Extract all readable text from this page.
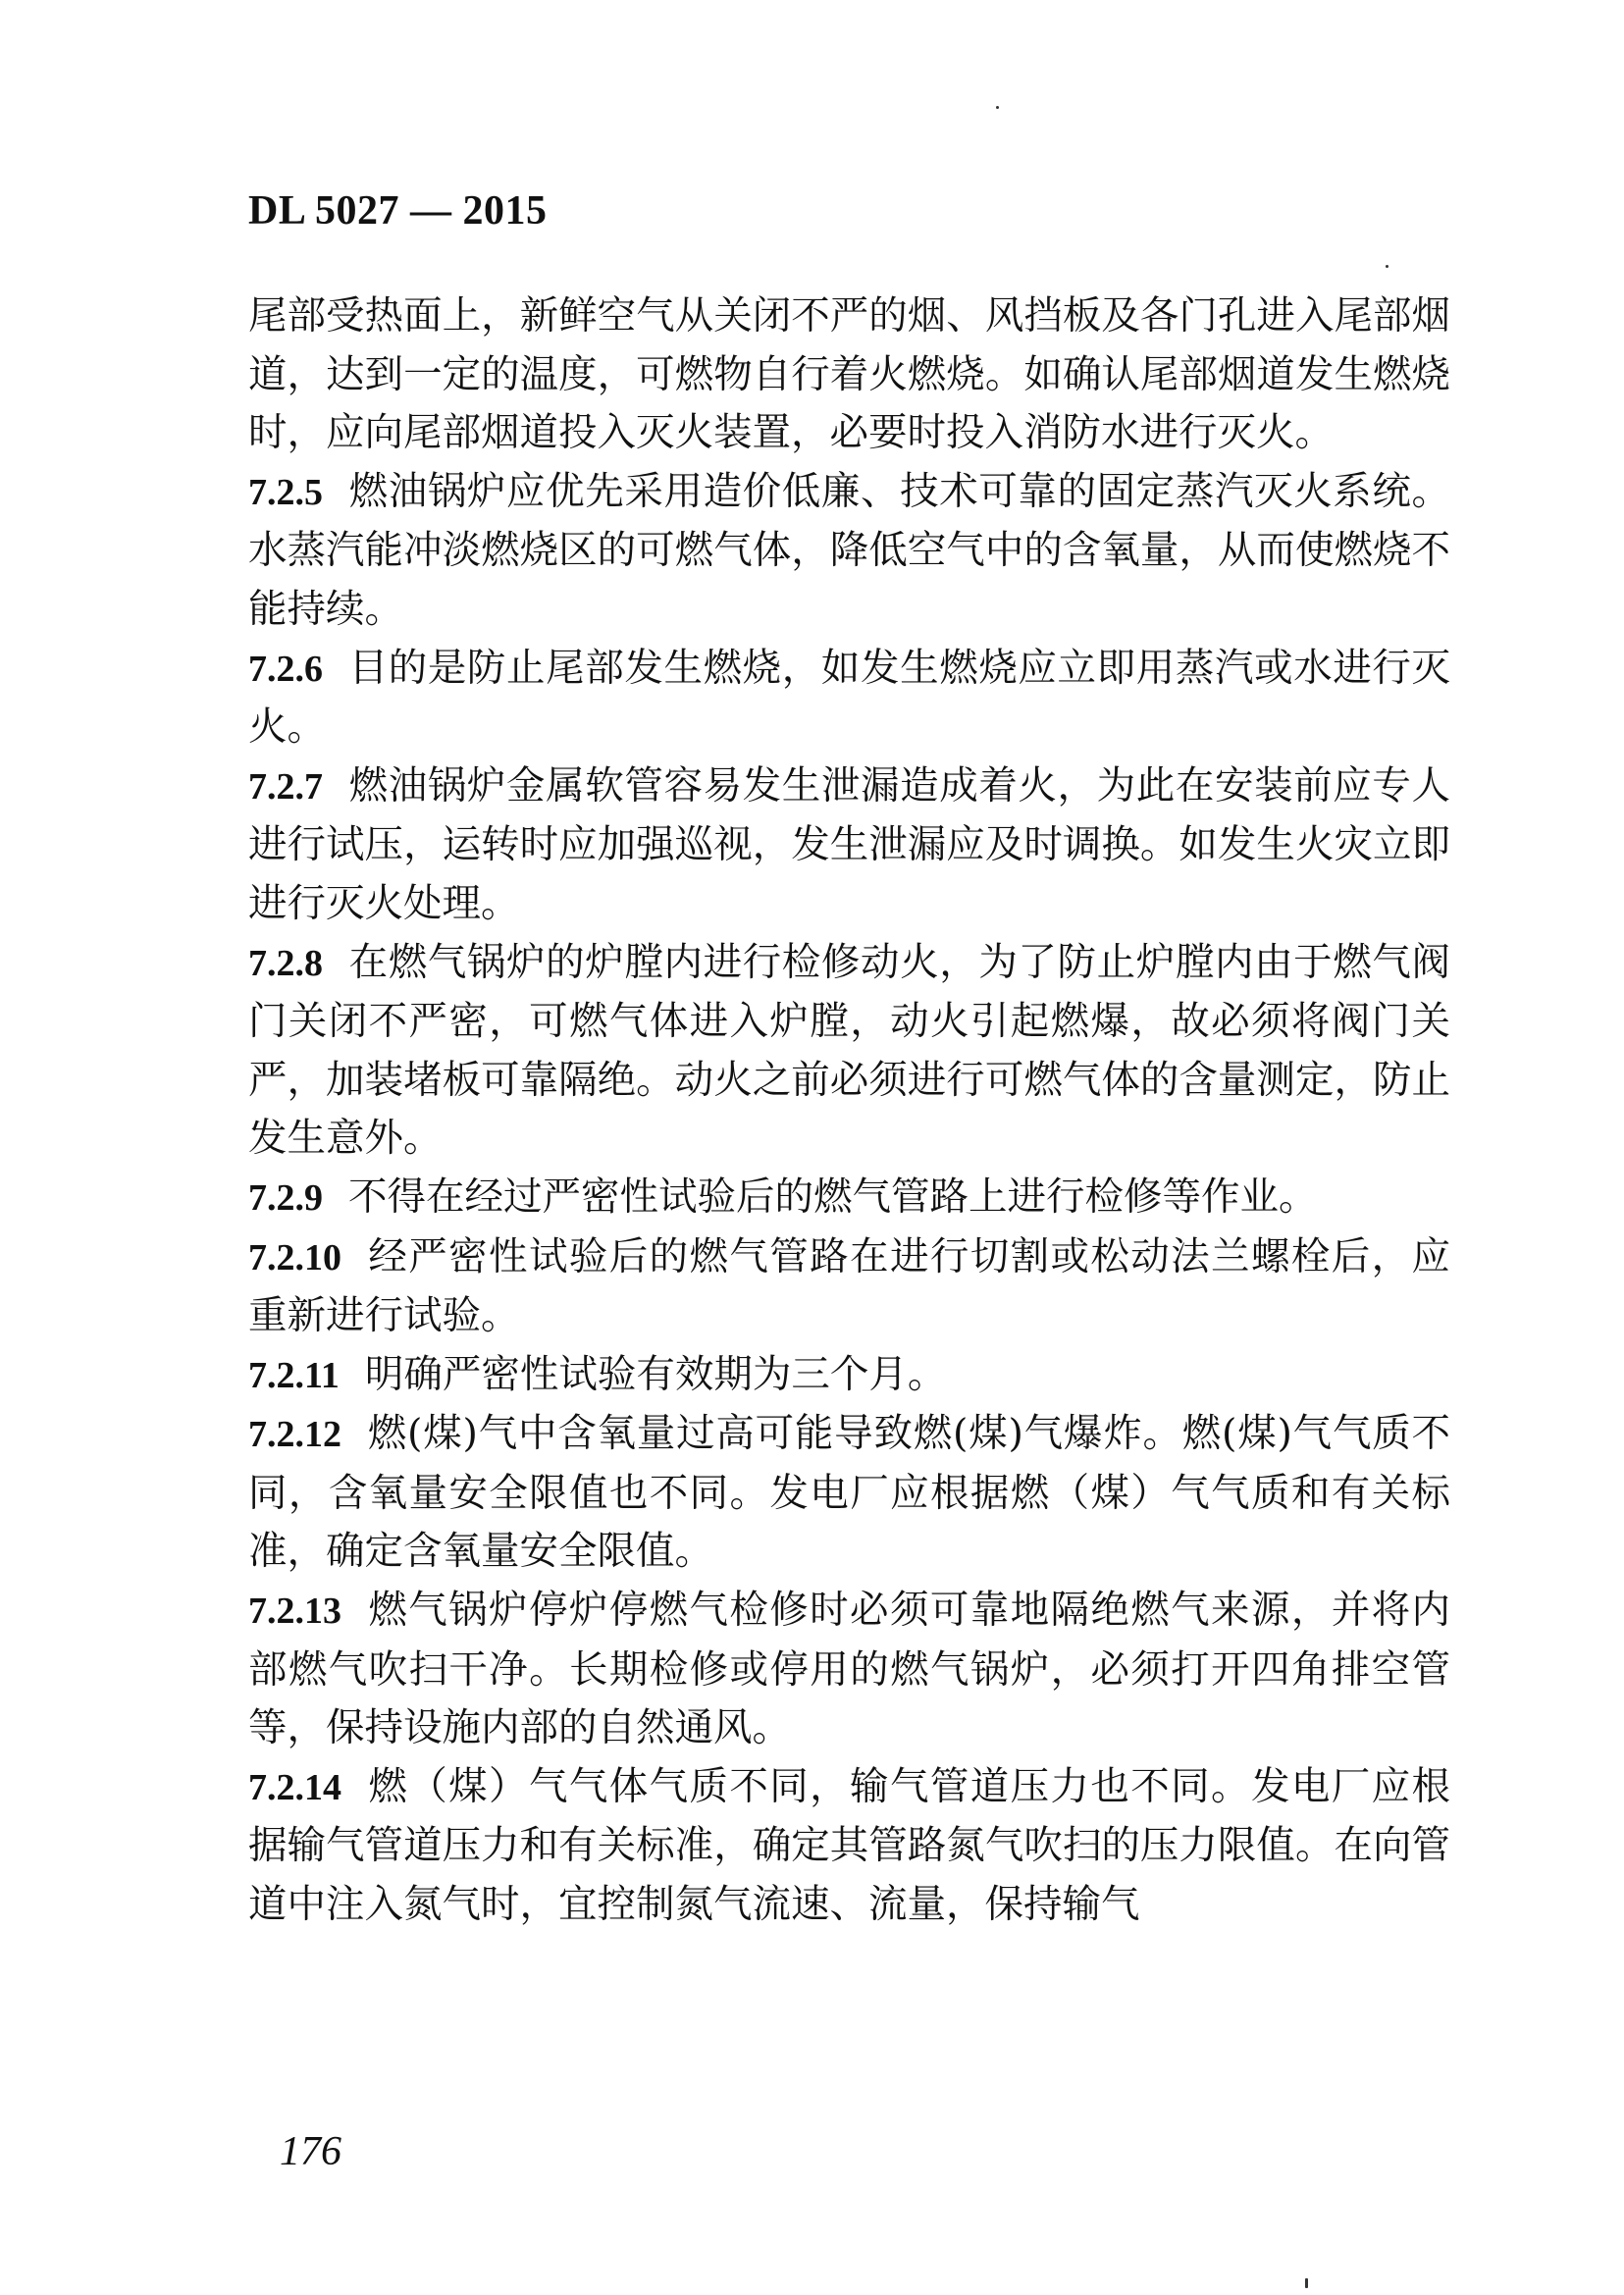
DL 5027 — 2015

尾部受热面上，新鲜空气从关闭不严的烟、风挡板及各门孔进入尾部烟道，达到一定的温度，可燃物自行着火燃烧。如确认尾部烟道发生燃烧时，应向尾部烟道投入灭火装置，必要时投入消防水进行灭火。

7.2.5 燃油锅炉应优先采用造价低廉、技术可靠的固定蒸汽灭火系统。水蒸汽能冲淡燃烧区的可燃气体，降低空气中的含氧量，从而使燃烧不能持续。

7.2.6 目的是防止尾部发生燃烧，如发生燃烧应立即用蒸汽或水进行灭火。

7.2.7 燃油锅炉金属软管容易发生泄漏造成着火，为此在安装前应专人进行试压，运转时应加强巡视，发生泄漏应及时调换。如发生火灾立即进行灭火处理。

7.2.8 在燃气锅炉的炉膛内进行检修动火，为了防止炉膛内由于燃气阀门关闭不严密，可燃气体进入炉膛，动火引起燃爆，故必须将阀门关严，加装堵板可靠隔绝。动火之前必须进行可燃气体的含量测定，防止发生意外。

7.2.9 不得在经过严密性试验后的燃气管路上进行检修等作业。

7.2.10 经严密性试验后的燃气管路在进行切割或松动法兰螺栓后，应重新进行试验。

7.2.11 明确严密性试验有效期为三个月。

7.2.12 燃(煤)气中含氧量过高可能导致燃(煤)气爆炸。燃(煤)气气质不同，含氧量安全限值也不同。发电厂应根据燃（煤）气气质和有关标准，确定含氧量安全限值。

7.2.13 燃气锅炉停炉停燃气检修时必须可靠地隔绝燃气来源，并将内部燃气吹扫干净。长期检修或停用的燃气锅炉，必须打开四角排空管等，保持设施内部的自然通风。

7.2.14 燃（煤）气气体气质不同，输气管道压力也不同。发电厂应根据输气管道压力和有关标准，确定其管路氮气吹扫的压力限值。在向管道中注入氮气时，宜控制氮气流速、流量，保持输气

176
